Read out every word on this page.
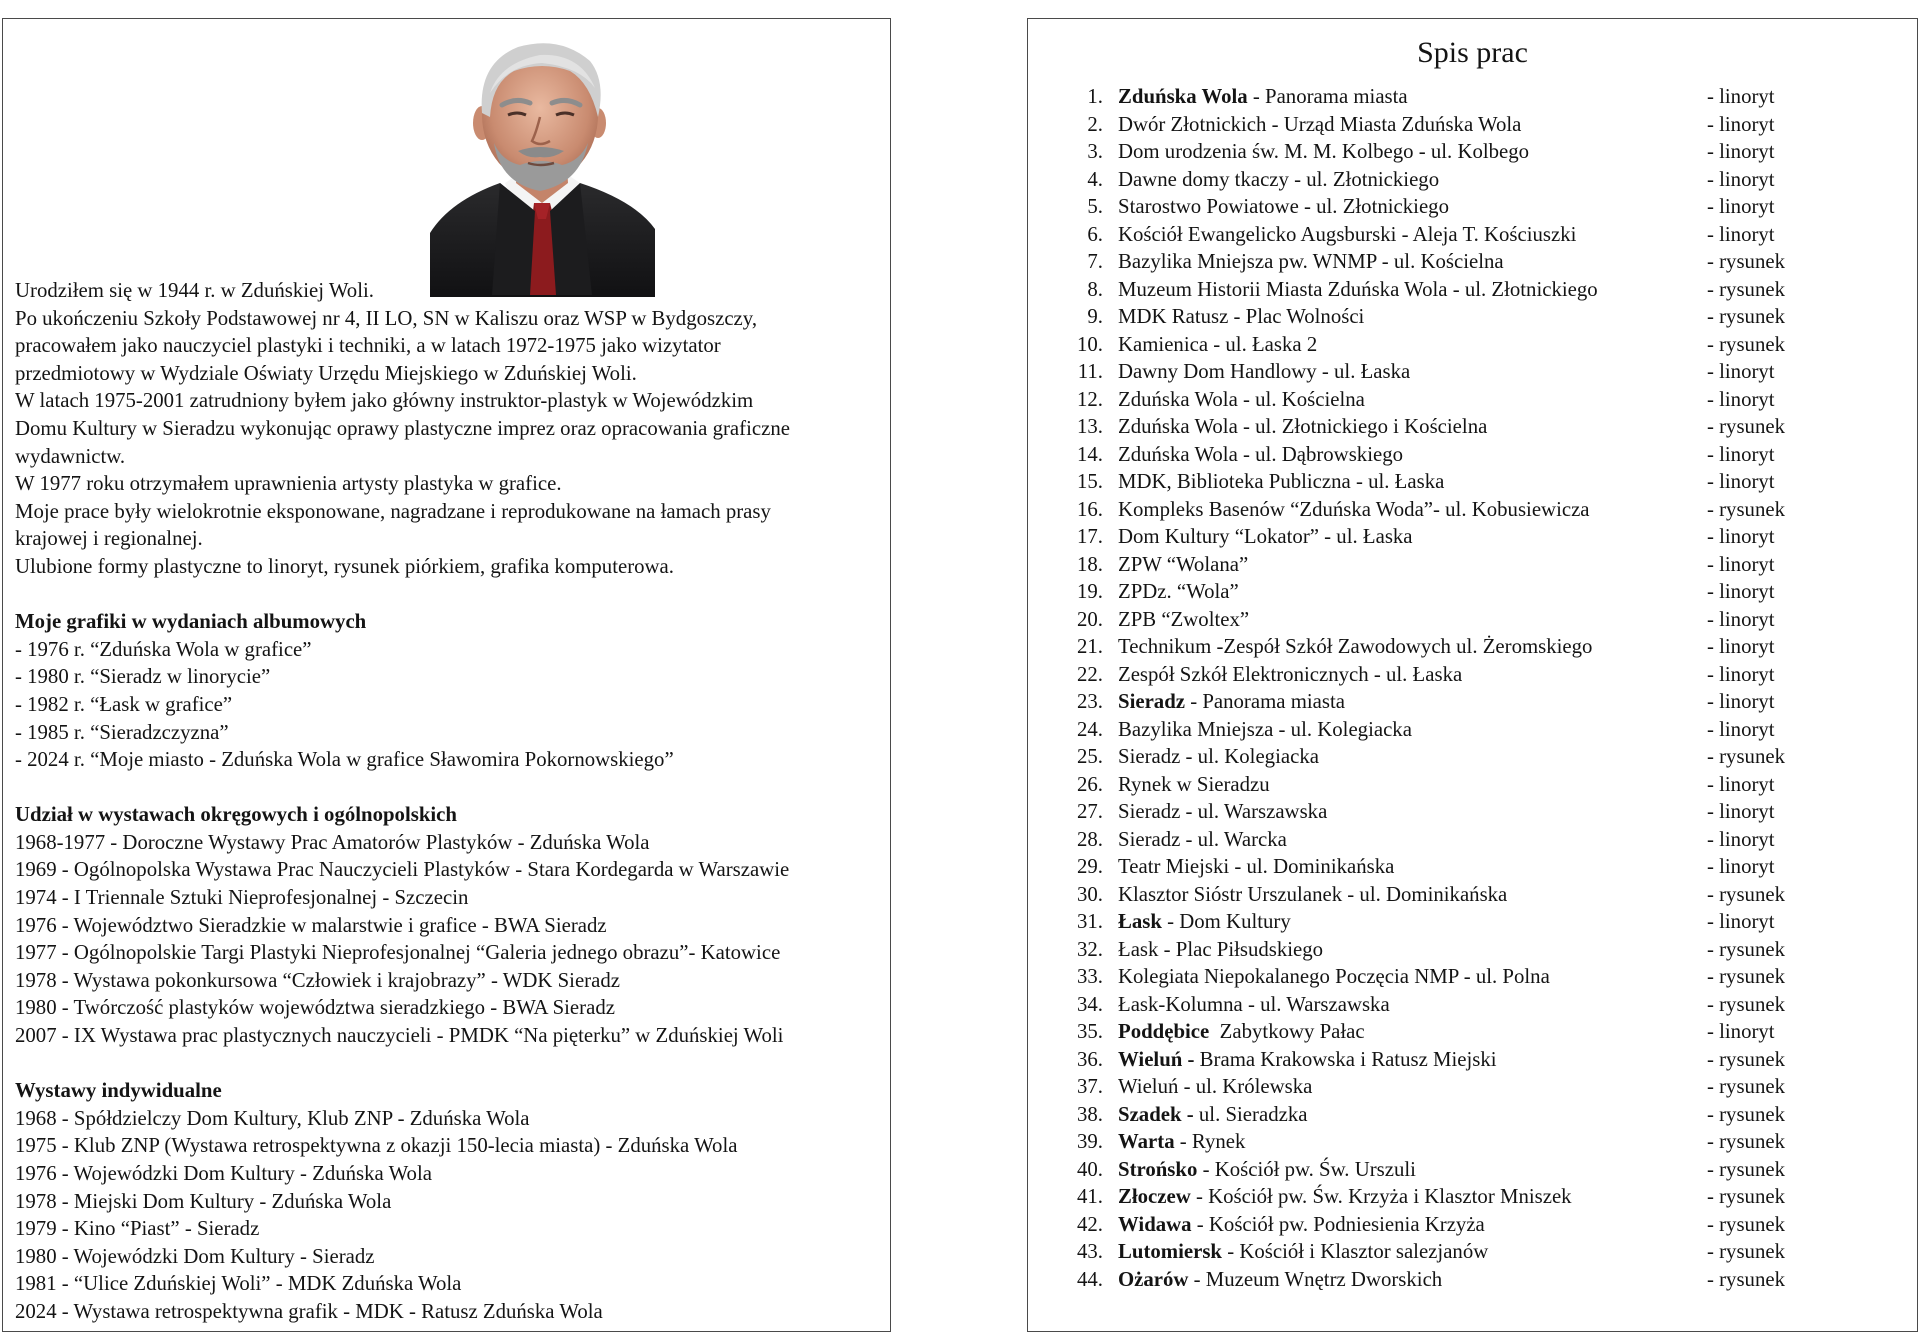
Urodziłem się w 1944 r. w Zduńskiej Woli.
Po ukończeniu Szkoły Podstawowej nr 4, II LO, SN w Kaliszu oraz WSP w Bydgoszczy,
pracowałem jako nauczyciel plastyki i techniki, a w latach 1972-1975 jako wizytator
przedmiotowy w Wydziale Oświaty Urzędu Miejskiego w Zduńskiej Woli.
W latach 1975-2001 zatrudniony byłem jako główny instruktor-plastyk w Wojewódzkim
Domu Kultury w Sieradzu wykonując oprawy plastyczne imprez oraz opracowania graficzne
wydawnictw.
W 1977 roku otrzymałem uprawnienia artysty plastyka w grafice.
Moje prace były wielokrotnie eksponowane, nagradzane i reprodukowane na łamach prasy
krajowej i regionalnej.
Ulubione formy plastyczne to linoryt, rysunek piórkiem, grafika komputerowa.
Moje grafiki w wydaniach albumowych
- 1976 r. “Zduńska Wola w grafice”
- 1980 r. “Sieradz w linorycie”
- 1982 r. “Łask w grafice”
- 1985 r. “Sieradzczyzna”
- 2024 r. “Moje miasto - Zduńska Wola w grafice Sławomira Pokornowskiego”
Udział w wystawach okręgowych i ogólnopolskich
1968-1977 - Doroczne Wystawy Prac Amatorów Plastyków - Zduńska Wola
1969 - Ogólnopolska Wystawa Prac Nauczycieli Plastyków - Stara Kordegarda w Warszawie
1974 - I Triennale Sztuki Nieprofesjonalnej - Szczecin
1976 - Województwo Sieradzkie w malarstwie i grafice - BWA Sieradz
1977 - Ogólnopolskie Targi Plastyki Nieprofesjonalnej “Galeria jednego obrazu”- Katowice
1978 - Wystawa pokonkursowa “Człowiek i krajobrazy” - WDK Sieradz
1980 - Twórczość plastyków województwa sieradzkiego - BWA Sieradz
2007 - IX Wystawa prac plastycznych nauczycieli - PMDK “Na pięterku” w Zduńskiej Woli
Wystawy indywidualne
1968 - Spółdzielczy Dom Kultury, Klub ZNP - Zduńska Wola
1975 - Klub ZNP (Wystawa retrospektywna z okazji 150-lecia miasta) - Zduńska Wola
1976 - Wojewódzki Dom Kultury - Zduńska Wola
1978 - Miejski Dom Kultury - Zduńska Wola
1979 - Kino “Piast” - Sieradz
1980 - Wojewódzki Dom Kultury - Sieradz
1981 - “Ulice Zduńskiej Woli” - MDK Zduńska Wola
2024 - Wystawa retrospektywna grafik - MDK - Ratusz Zduńska Wola
Spis prac
1. Zduńska Wola - Panorama miasta	- linoryt
2. Dwór Złotnickich - Urząd Miasta Zduńska Wola	- linoryt
3. Dom urodzenia św. M. M. Kolbego - ul. Kolbego	- linoryt
4. Dawne domy tkaczy - ul. Złotnickiego	- linoryt
5. Starostwo Powiatowe - ul. Złotnickiego	- linoryt
6. Kościół Ewangelicko Augsburski - Aleja T. Kościuszki	- linoryt
7. Bazylika Mniejsza pw. WNMP - ul. Kościelna	- rysunek
8. Muzeum Historii Miasta Zduńska Wola - ul. Złotnickiego	- rysunek
9. MDK Ratusz - Plac Wolności	- rysunek
10. Kamienica - ul. Łaska 2	- rysunek
11. Dawny Dom Handlowy - ul. Łaska	- linoryt
12. Zduńska Wola - ul. Kościelna	- linoryt
13. Zduńska Wola - ul. Złotnickiego i Kościelna	- rysunek
14. Zduńska Wola - ul. Dąbrowskiego	- linoryt
15. MDK, Biblioteka Publiczna - ul. Łaska	- linoryt
16. Kompleks Basenów “Zduńska Woda”- ul. Kobusiewicza	- rysunek
17. Dom Kultury “Lokator” - ul. Łaska	- linoryt
18. ZPW “Wolana”	- linoryt
19. ZPDz. “Wola”	- linoryt
20. ZPB “Zwoltex”	- linoryt
21. Technikum -Zespół Szkół Zawodowych ul. Żeromskiego	- linoryt
22. Zespół Szkół Elektronicznych - ul. Łaska	- linoryt
23. Sieradz - Panorama miasta	- linoryt
24. Bazylika Mniejsza - ul. Kolegiacka	- linoryt
25. Sieradz - ul. Kolegiacka	- rysunek
26. Rynek w Sieradzu	- linoryt
27. Sieradz - ul. Warszawska	- linoryt
28. Sieradz - ul. Warcka	- linoryt
29. Teatr Miejski - ul. Dominikańska	- linoryt
30. Klasztor Sióstr Urszulanek - ul. Dominikańska	- rysunek
31. Łask - Dom Kultury	- linoryt
32. Łask - Plac Piłsudskiego	- rysunek
33. Kolegiata Niepokalanego Poczęcia NMP - ul. Polna	- rysunek
34. Łask-Kolumna - ul. Warszawska	- rysunek
35. Poddębice  Zabytkowy Pałac	- linoryt
36. Wieluń - Brama Krakowska i Ratusz Miejski	- rysunek
37. Wieluń - ul. Królewska	- rysunek
38. Szadek - ul. Sieradzka	- rysunek
39. Warta - Rynek	- rysunek
40. Strońsko - Kościół pw. Św. Urszuli	- rysunek
41. Złoczew - Kościół pw. Św. Krzyża i Klasztor Mniszek	- rysunek
42. Widawa - Kościół pw. Podniesienia Krzyża	- rysunek
43. Lutomiersk - Kościół i Klasztor salezjanów	- rysunek
44. Ożarów - Muzeum Wnętrz Dworskich	- rysunek
